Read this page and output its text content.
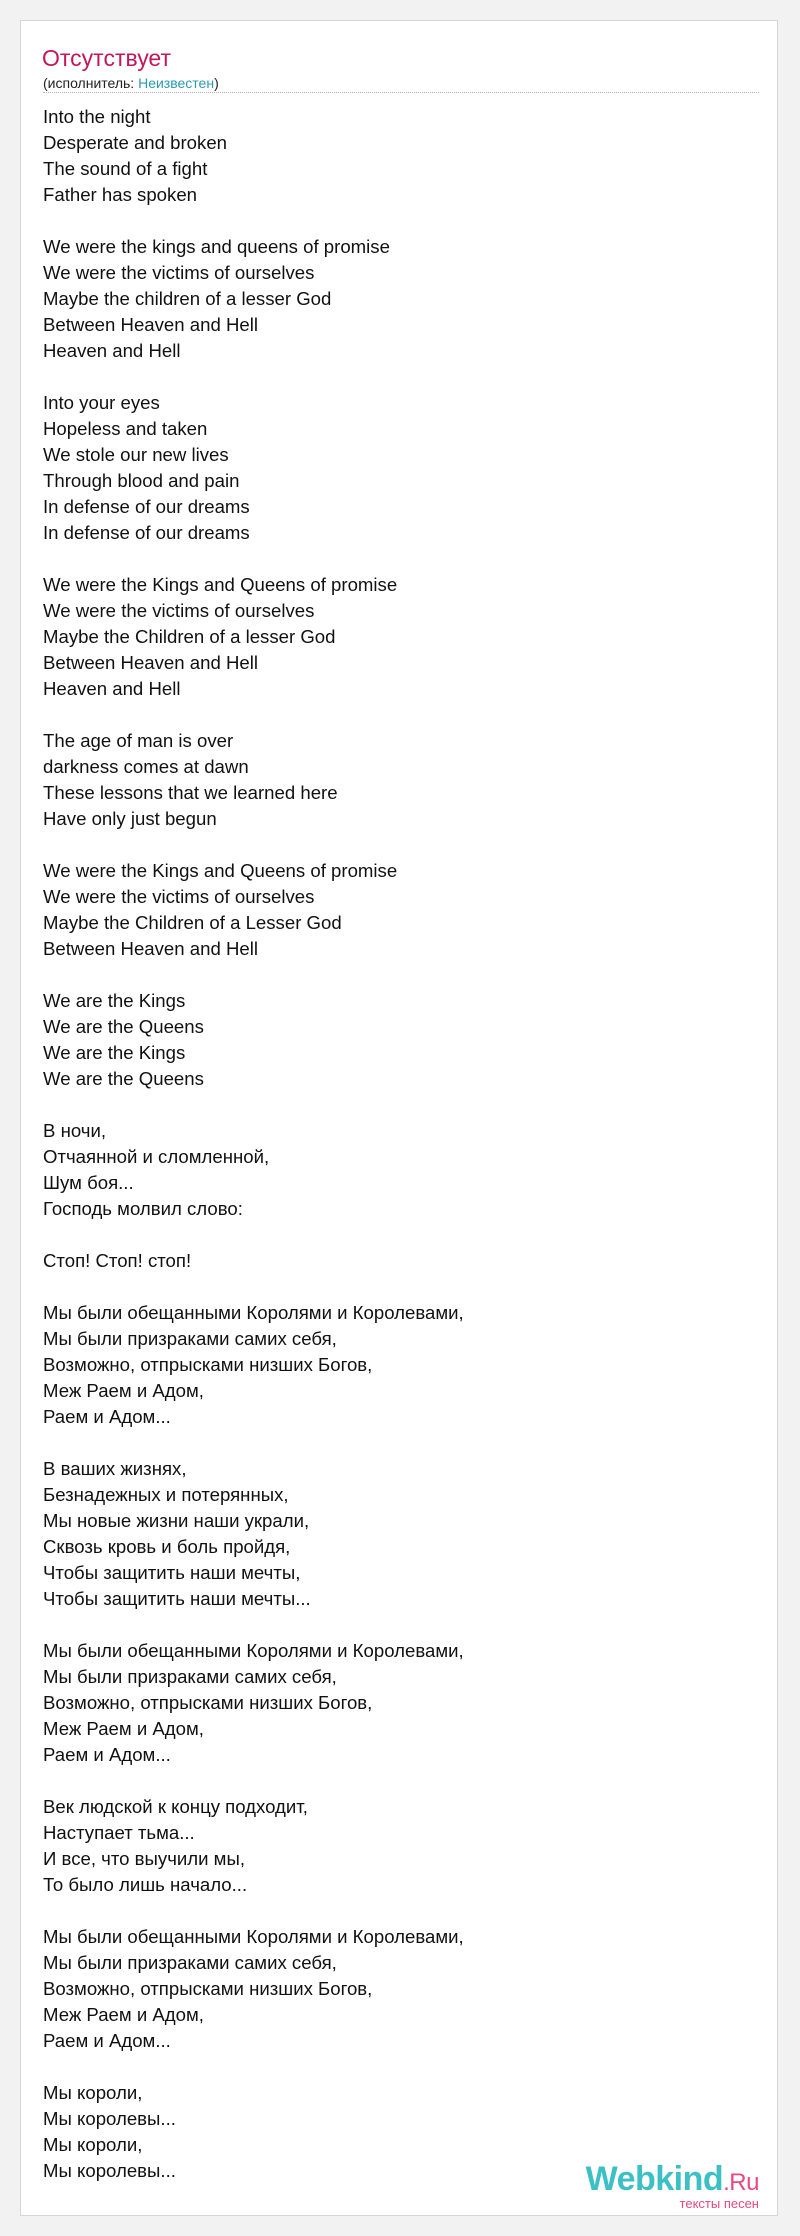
Отсутствует
(исполнитель: Неизвестен)
Into the night
Desperate and broken
The sound of a fight
Father has spoken
We were the kings and queens of promise
We were the victims of ourselves
Maybe the children of a lesser God
Between Heaven and Hell
Heaven and Hell
Into your eyes
Hopeless and taken
We stole our new lives
Through blood and pain
In defense of our dreams
In defense of our dreams
We were the Kings and Queens of promise
We were the victims of ourselves
Maybe the Children of a lesser God
Between Heaven and Hell
Heaven and Hell
The age of man is over
darkness comes at dawn
These lessons that we learned here
Have only just begun
We were the Kings and Queens of promise
We were the victims of ourselves
Maybe the Children of a Lesser God
Between Heaven and Hell
We are the Kings
We are the Queens
We are the Kings
We are the Queens
В ночи,
Отчаянной и сломленной,
Шум боя...
Господь молвил слово:
Стоп! Стоп! стоп!
Мы были обещанными Королями и Королевами,
Мы были призраками самих себя,
Возможно, отпрысками низших Богов,
Меж Раем и Адом,
Раем и Адом...
В ваших жизнях,
Безнадежных и потерянных,
Мы новые жизни наши украли,
Сквозь кровь и боль пройдя,
Чтобы защитить наши мечты,
Чтобы защитить наши мечты...
Мы были обещанными Королями и Королевами,
Мы были призраками самих себя,
Возможно, отпрысками низших Богов,
Меж Раем и Адом,
Раем и Адом...
Век людской к концу подходит,
Наступает тьма...
И все, что выучили мы,
То было лишь начало...
Мы были обещанными Королями и Королевами,
Мы были призраками самих себя,
Возможно, отпрысками низших Богов,
Меж Раем и Адом,
Раем и Адом...
Мы короли,
Мы королевы...
Мы короли,
Мы королевы...	Webkind.Ru
тексты песен
